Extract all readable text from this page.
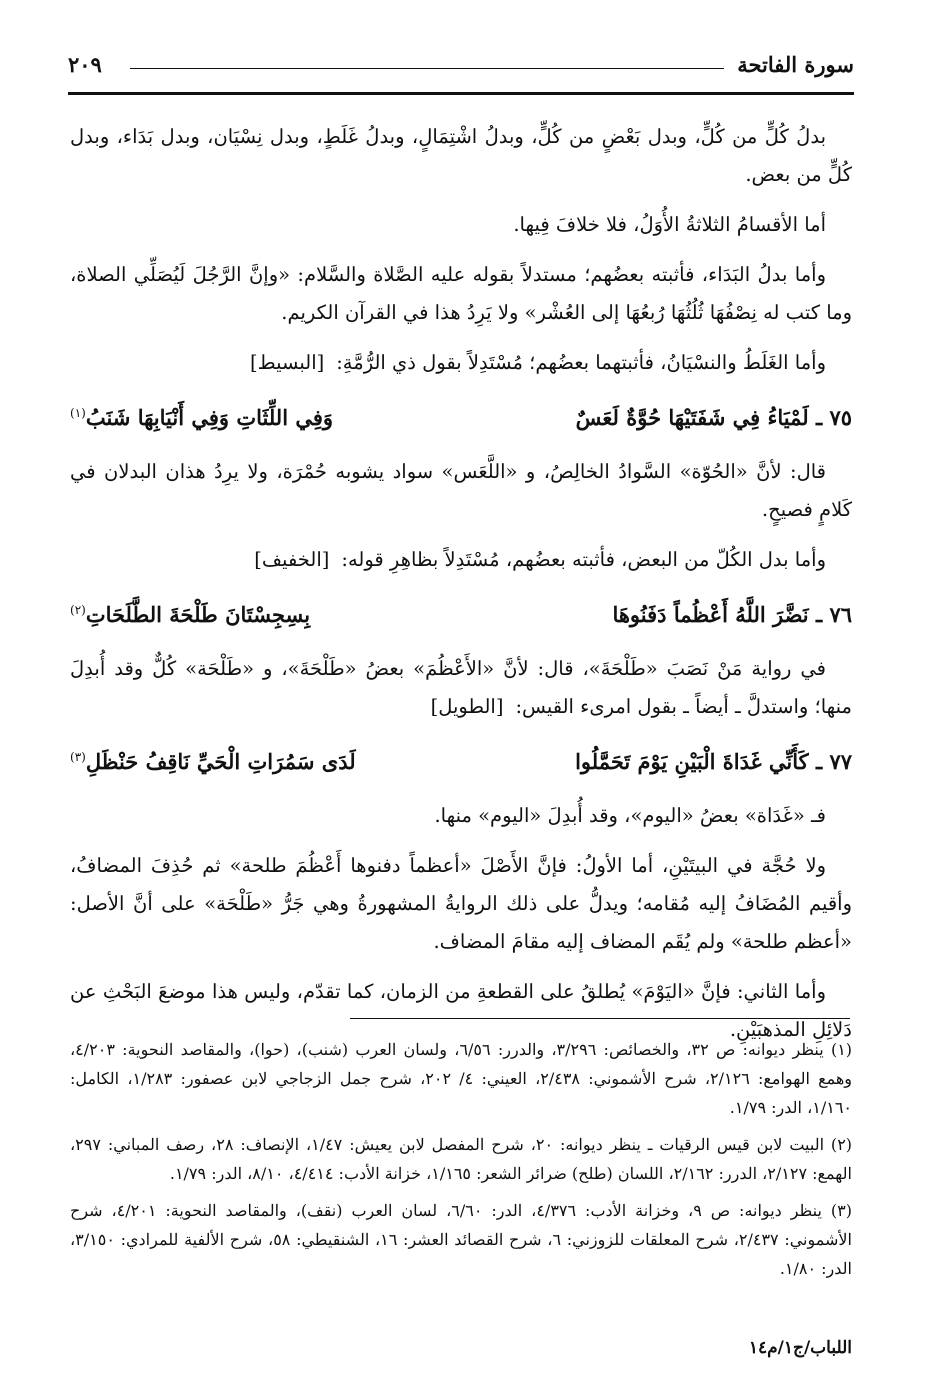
سورة الفاتحة
٢٠٩

بدلُ كُلٍّ من كُلٍّ، وبدل بَعْضٍ من كُلٍّ، وبدلُ اشْتِمَالٍ، وبدلُ غَلَطٍ، وبدل نِسْيَان، وبدل بَدَاء، وبدل كُلٍّ من بعض.

أما الأقسامُ الثلاثةُ الأُوَلُ، فلا خلافَ فِيها.

وأما بدلُ البَدَاء، فأثبته بعضُهم؛ مستدلاً بقوله عليه الصَّلاة والسَّلام: «وإنَّ الرَّجُلَ لَيُصَلِّي الصلاة، وما كتب له نِصْفُهَا ثُلُثُهَا رُبعُهَا إلى العُشْر» ولا يَرِدُ هذا في القرآن الكريم.

وأما الغَلَطُ والنسْيَانُ، فأثبتهما بعضُهم؛ مُسْتَدِلاً بقول ذي الرُّمَّةِ:[البسيط]

٧٥ ـ لَمْيَاءُ فِي شَفَتَيْهَا حُوَّةٌ لَعَسٌ
وَفِي اللِّثَاتِ وَفِي أَنْيَابِهَا شَنَبُ$^{(١)}$

قال: لأنَّ «الحُوّة» السَّوادُ الخالِصُ، و «اللَّعَس» سواد يشوبه حُمْرَة، ولا يرِدُ هذان البدلان في كَلامٍ فصيحٍ.

وأما بدل الكُلّ من البعض، فأثبته بعضُهم، مُسْتَدِلاً بظاهِرِ قوله:[الخفيف]

٧٦ ـ نَضَّرَ اللَّهُ أَعْظُماً دَفَنُوهَا
بِسِجِسْتَانَ طَلْحَةَ الطَّلَحَاتِ$^{(٢)}$

في رواية مَنْ نَصَبَ «طَلْحَةَ»، قال: لأنَّ «الأَعْظُمَ» بعضُ «طَلْحَةَ»، و «طَلْحَة» كُلٌّ وقد أُبدِلَ منها؛ واستدلَّ ـ أيضاً ـ بقول امرىء القيس:[الطويل]

٧٧ ـ كَأَنِّي غَدَاةَ الْبَيْنِ يَوْمَ تَحَمَّلُوا
لَدَى سَمُرَاتِ الْحَيِّ نَاقِفُ حَنْظَلِ$^{(٣)}$

فـ «غَدَاة» بعضُ «اليوم»، وقد أُبدِلَ «اليوم» منها.

ولا حُجَّة في البيتَيْنِ، أما الأولُ: فإنَّ الأَصْلَ «أعظماً دفنوها أَعْظُمَ طلحة» ثم حُذِفَ المضافُ، وأقيم المُضَافُ إليه مُقامه؛ ويدلُّ على ذلك الروايةُ المشهورةُ وهي جَرُّ «طَلْحَة» على أنَّ الأصل: «أعظم طلحة» ولم يُقَم المضاف إليه مقامَ المضاف.

وأما الثاني: فإنَّ «اليَوْمَ» يُطلقُ على القطعةِ من الزمان، كما تقدّم، وليس هذا موضعَ البَحْثِ عن دَلائِلِ المذهبَيْنِ.

(١) ينظر ديوانه: ص ٣٢، والخصائص: ٣/٢٩٦، والدرر: ٦/٥٦، ولسان العرب (شنب)، (حوا)، والمقاصد النحوية: ٤/٢٠٣، وهمع الهوامع: ٢/١٢٦، شرح الأشموني: ٢/٤٣٨، العيني: ٤/ ٢٠٢، شرح جمل الزجاجي لابن عصفور: ١/٢٨٣، الكامل: ١/١٦٠، الدر: ١/٧٩.

(٢) البيت لابن قيس الرقيات ـ ينظر ديوانه: ٢٠، شرح المفصل لابن يعيش: ١/٤٧، الإنصاف: ٢٨، رصف المباني: ٢٩٧، الهمع: ٢/١٢٧، الدرر: ٢/١٦٢، اللسان (طلح) ضرائر الشعر: ١/١٦٥، خزانة الأدب: ٤/٤١٤، ٨/١٠، الدر: ١/٧٩.

(٣) ينظر ديوانه: ص ٩، وخزانة الأدب: ٤/٣٧٦، الدر: ٦/٦٠، لسان العرب (نقف)، والمقاصد النحوية: ٤/٢٠١، شرح الأشموني: ٢/٤٣٧، شرح المعلقات للزوزني: ٦، شرح القصائد العشر: ١٦، الشنقيطي: ٥٨، شرح الألفية للمرادي: ٣/١٥٠، الدر: ١/٨٠.

اللباب/ج١/م١٤
